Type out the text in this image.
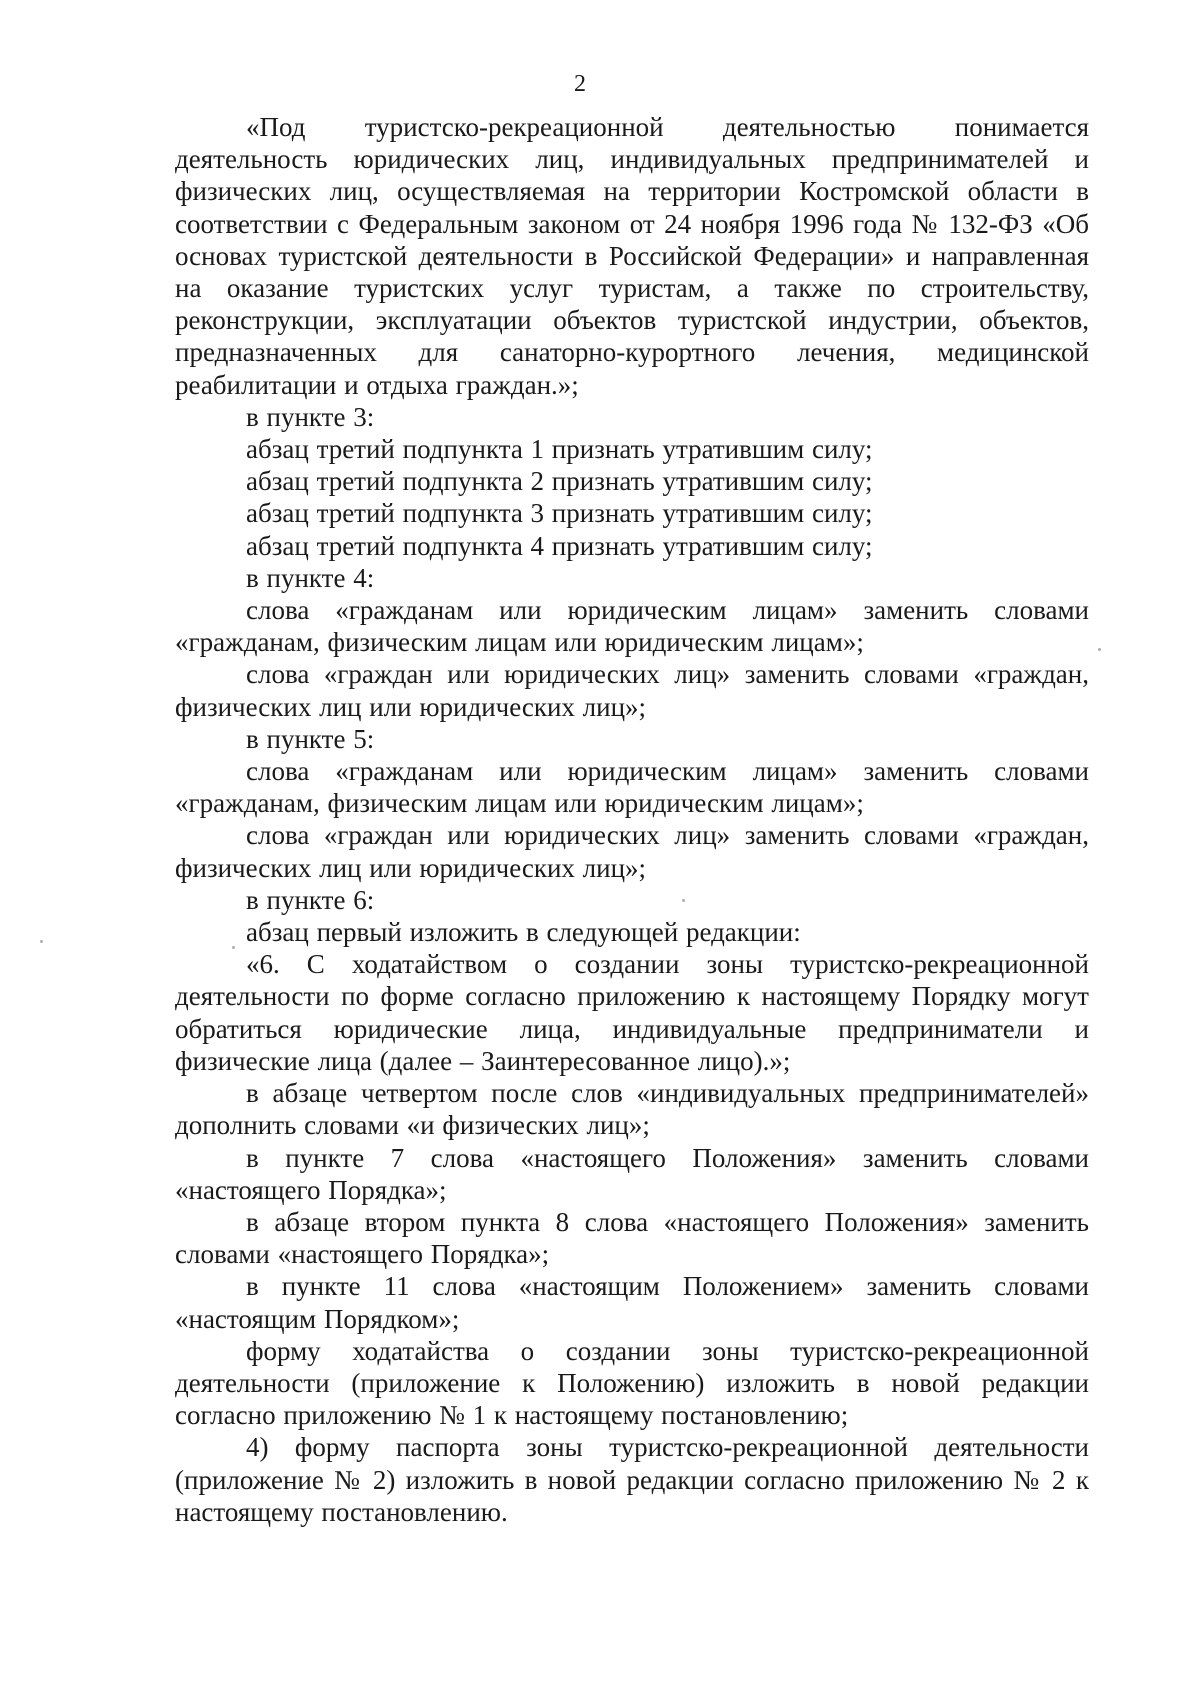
2

«Под туристско-рекреационной деятельностью понимается деятельность юридических лиц, индивидуальных предпринимателей и физических лиц, осуществляемая на территории Костромской области в соответствии с Федеральным законом от 24 ноября 1996 года № 132-ФЗ «Об основах туристской деятельности в Российской Федерации» и направленная на оказание туристских услуг туристам, а также по строительству, реконструкции, эксплуатации объектов туристской индустрии, объектов, предназначенных для санаторно-курортного лечения, медицинской реабилитации и отдыха граждан.»;

в пункте 3:

абзац третий подпункта 1 признать утратившим силу;

абзац третий подпункта 2 признать утратившим силу;

абзац третий подпункта 3 признать утратившим силу;

абзац третий подпункта 4 признать утратившим силу;

в пункте 4:

слова «гражданам или юридическим лицам» заменить словами «гражданам, физическим лицам или юридическим лицам»;

слова «граждан или юридических лиц» заменить словами «граждан, физических лиц или юридических лиц»;

в пункте 5:

слова «гражданам или юридическим лицам» заменить словами «гражданам, физическим лицам или юридическим лицам»;

слова «граждан или юридических лиц» заменить словами «граждан, физических лиц или юридических лиц»;

в пункте 6:

абзац первый изложить в следующей редакции:

«6. С ходатайством о создании зоны туристско-рекреационной деятельности по форме согласно приложению к настоящему Порядку могут обратиться юридические лица, индивидуальные предприниматели и физические лица (далее – Заинтересованное лицо).»;

в абзаце четвертом после слов «индивидуальных предпринимателей» дополнить словами «и физических лиц»;

в пункте 7 слова «настоящего Положения» заменить словами «настоящего Порядка»;

в абзаце втором пункта 8 слова «настоящего Положения» заменить словами «настоящего Порядка»;

в пункте 11 слова «настоящим Положением» заменить словами «настоящим Порядком»;

форму ходатайства о создании зоны туристско-рекреационной деятельности (приложение к Положению) изложить в новой редакции согласно приложению № 1 к настоящему постановлению;

4) форму паспорта зоны туристско-рекреационной деятельности (приложение № 2) изложить в новой редакции согласно приложению № 2 к настоящему постановлению.
